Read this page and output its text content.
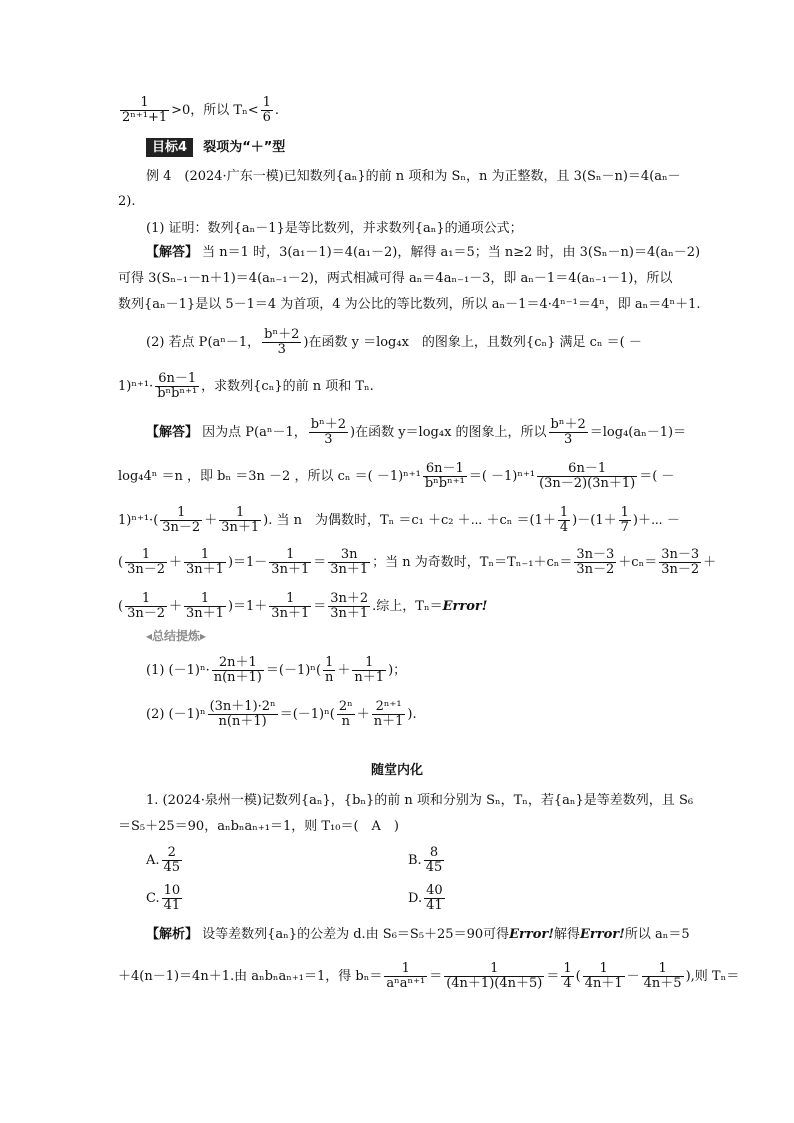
$\frac{1}{\text{2ⁿ⁺¹+1}} >0$，所以 $T_n< \frac{1}{6}$ .
目标4 裂项为“＋”型
例 4　(2024·广东一模)已知数列{aₙ}的前 n 项和为 Sₙ，n 为正整数，且 3(Sₙ－n)＝4(aₙ－
2).
(1) 证明：数列{aₙ－1}是等比数列，并求数列{aₙ}的通项公式；
【解答】 当 n＝1 时，3(a₁－1)＝4(a₁－2)，解得 a₁＝5；当 n≥2 时，由 3(Sₙ－n)＝4(aₙ－2)
可得 3(Sₙ₋₁－n＋1)＝4(aₙ₋₁－2)，两式相减可得 aₙ＝4aₙ₋₁－3，即 aₙ－1＝4(aₙ₋₁－1)，所以
数列{aₙ－1}是以 5－1＝4 为首项，4 为公比的等比数列，所以 aₙ－1＝4·4ⁿ⁻¹＝4ⁿ，即 aₙ＝4ⁿ＋1.
(2) 若点 P(aⁿ－1， $\frac{\text{bⁿ＋2}}{3}$ )在函数 y ＝log₄x　的图象上，且数列{cₙ} 满足 cₙ ＝( －
$1)^{n+1}\cdot \frac{6n-1}{\text{bⁿbⁿ⁺¹}}$ ，求数列{cₙ}的前 n 项和 Tₙ.
【解答】 因为点 P(aⁿ－1， $\frac{\text{bⁿ＋2}}{3}$ )在函数 y＝log₄x 的图象上，所以 $\frac{\text{bⁿ＋2}}{3} =\log_4(a_n-1)=$
log₄4ⁿ ＝n ，即 bₙ ＝3n －2 ，所以 cₙ ＝( $-1)^{n+1} \frac{6n-1}{\text{bⁿbⁿ⁺¹}}$ ＝( $-1)^{n+1} \frac{6n-1}{(3n-2)(3n+1)}$ ＝( －
$1)^{n+1}\cdot( \frac{1}{3n-2} + \frac{1}{3n+1}$ ). 当 n　为偶数时，Tₙ ＝c₁ ＋c₂ ＋⋯ $+c_n =(1+ \frac{1}{4} )-(1+ \frac{1}{7}$ )＋⋯ －
( $\frac{1}{3n-2} + \frac{1}{3n+1} )=1- \frac{1}{3n+1} = \frac{3n}{3n+1}$ ；当 n 为奇数时，$T_n=T_{n-1}+c_n= \frac{3n-3}{3n-2} +c_n= \frac{3n-3}{3n-2}$ ＋
( $\frac{1}{3n-2} + \frac{1}{3n+1} )=1+ \frac{1}{3n+1} = \frac{3n+2}{3n+1}$ .综上，Tₙ＝Error!
◂总结提炼▸
(1) $(-1)^n\cdot \frac{2n+1}{n(n+1)} =(-1)^n( \frac{1}{n} + \frac{1}{n+1}$ )；
(2) $(-1)^n \frac{\text{(3n＋1)·2ⁿ}}{n(n+1)} =(-1)^n( \frac{\text{2ⁿ}}{n} + \frac{\text{2ⁿ⁺¹}}{n+1}$ ).
随堂内化
1. (2024·泉州一模)记数列{aₙ}，{bₙ}的前 n 项和分别为 Sₙ，Tₙ，若{aₙ}是等差数列，且 S₆
＝S₅＋25＝90，aₙbₙaₙ₊₁＝1，则 T₁₀＝(　A　)
A. $\frac{2}{45}$	B. $\frac{8}{45}$
C. $\frac{10}{41}$	D. $\frac{40}{41}$
【解析】 设等差数列{aₙ}的公差为 d.由 S₆＝S₅＋25＝90可得Error!解得Error!所以 aₙ＝5
＋4(n－1)＝4n＋1.由 aₙbₙaₙ₊₁＝1，得 $b_n= \frac{1}{\text{aⁿaⁿ⁺¹}} = \frac{1}{(4n+1)(4n+5)} = \frac{1}{4}$ ( $\frac{1}{4n+1} - \frac{1}{4n+5}$ ),则 Tₙ＝
